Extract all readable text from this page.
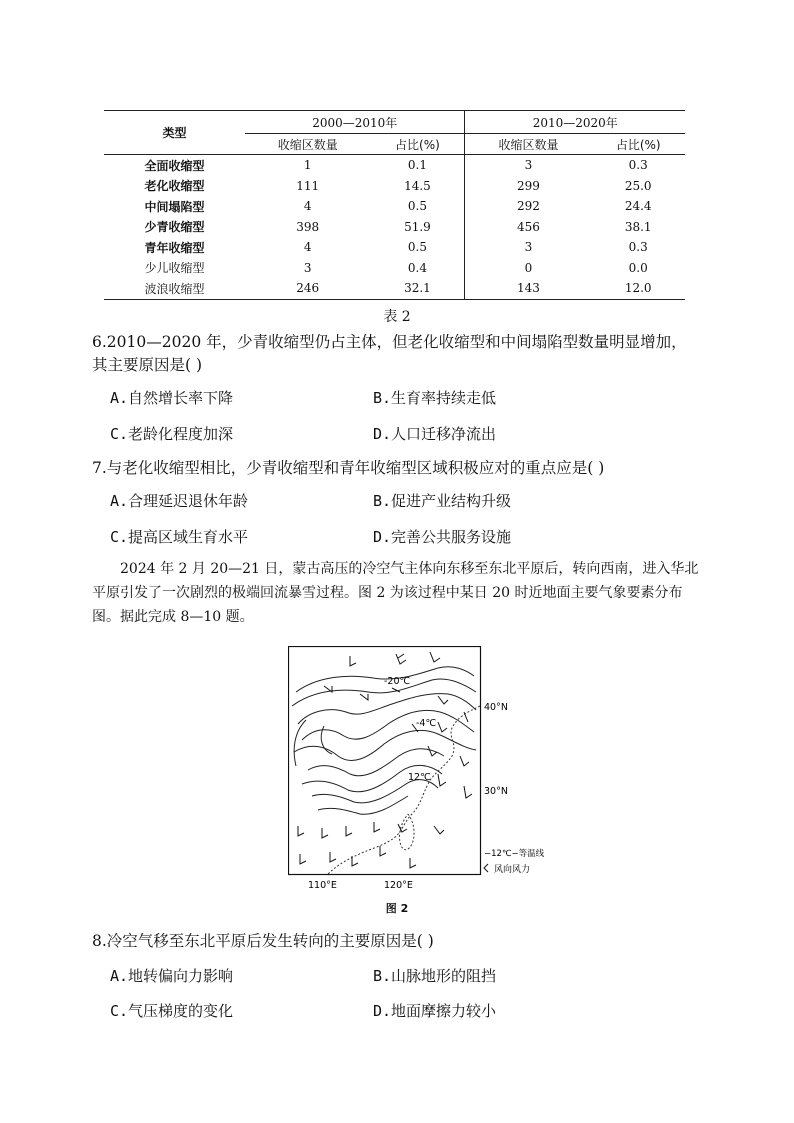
类型	2000—2010年		2010—2020年	
	收缩区数量	占比(%)	收缩区数量	占比(%)
全面收缩型	1	0.1	3	0.3
老化收缩型	111	14.5	299	25.0
中间塌陷型	4	0.5	292	24.4
少青收缩型	398	51.9	456	38.1
青年收缩型	4	0.5	3	0.3
少儿收缩型	3	0.4	0	0.0
波浪收缩型	246	32.1	143	12.0
表 2
6.2010—2020 年，少青收缩型仍占主体，但老化收缩型和中间塌陷型数量明显增加，
其主要原因是( )
A.自然增长率下降	B.生育率持续走低
C.老龄化程度加深	D.人口迁移净流出
7.与老化收缩型相比，少青收缩型和青年收缩型区域积极应对的重点应是( )
A.合理延迟退休年龄	B.促进产业结构升级
C.提高区域生育水平	D.完善公共服务设施
2024 年 2 月 20—21 日，蒙古高压的冷空气主体向东移至东北平原后，转向西南，进入华北平原引发了一次剧烈的极端回流暴雪过程。图 2 为该过程中某日 20 时近地面主要气象要素分布图。据此完成 8—10 题。
-20℃
-4℃
12℃
40°N
30°N
110°E	120°E
−12℃−等温线
风向风力
图 2
8.冷空气移至东北平原后发生转向的主要原因是( )
A.地转偏向力影响	B.山脉地形的阻挡
C.气压梯度的变化	D.地面摩擦力较小
